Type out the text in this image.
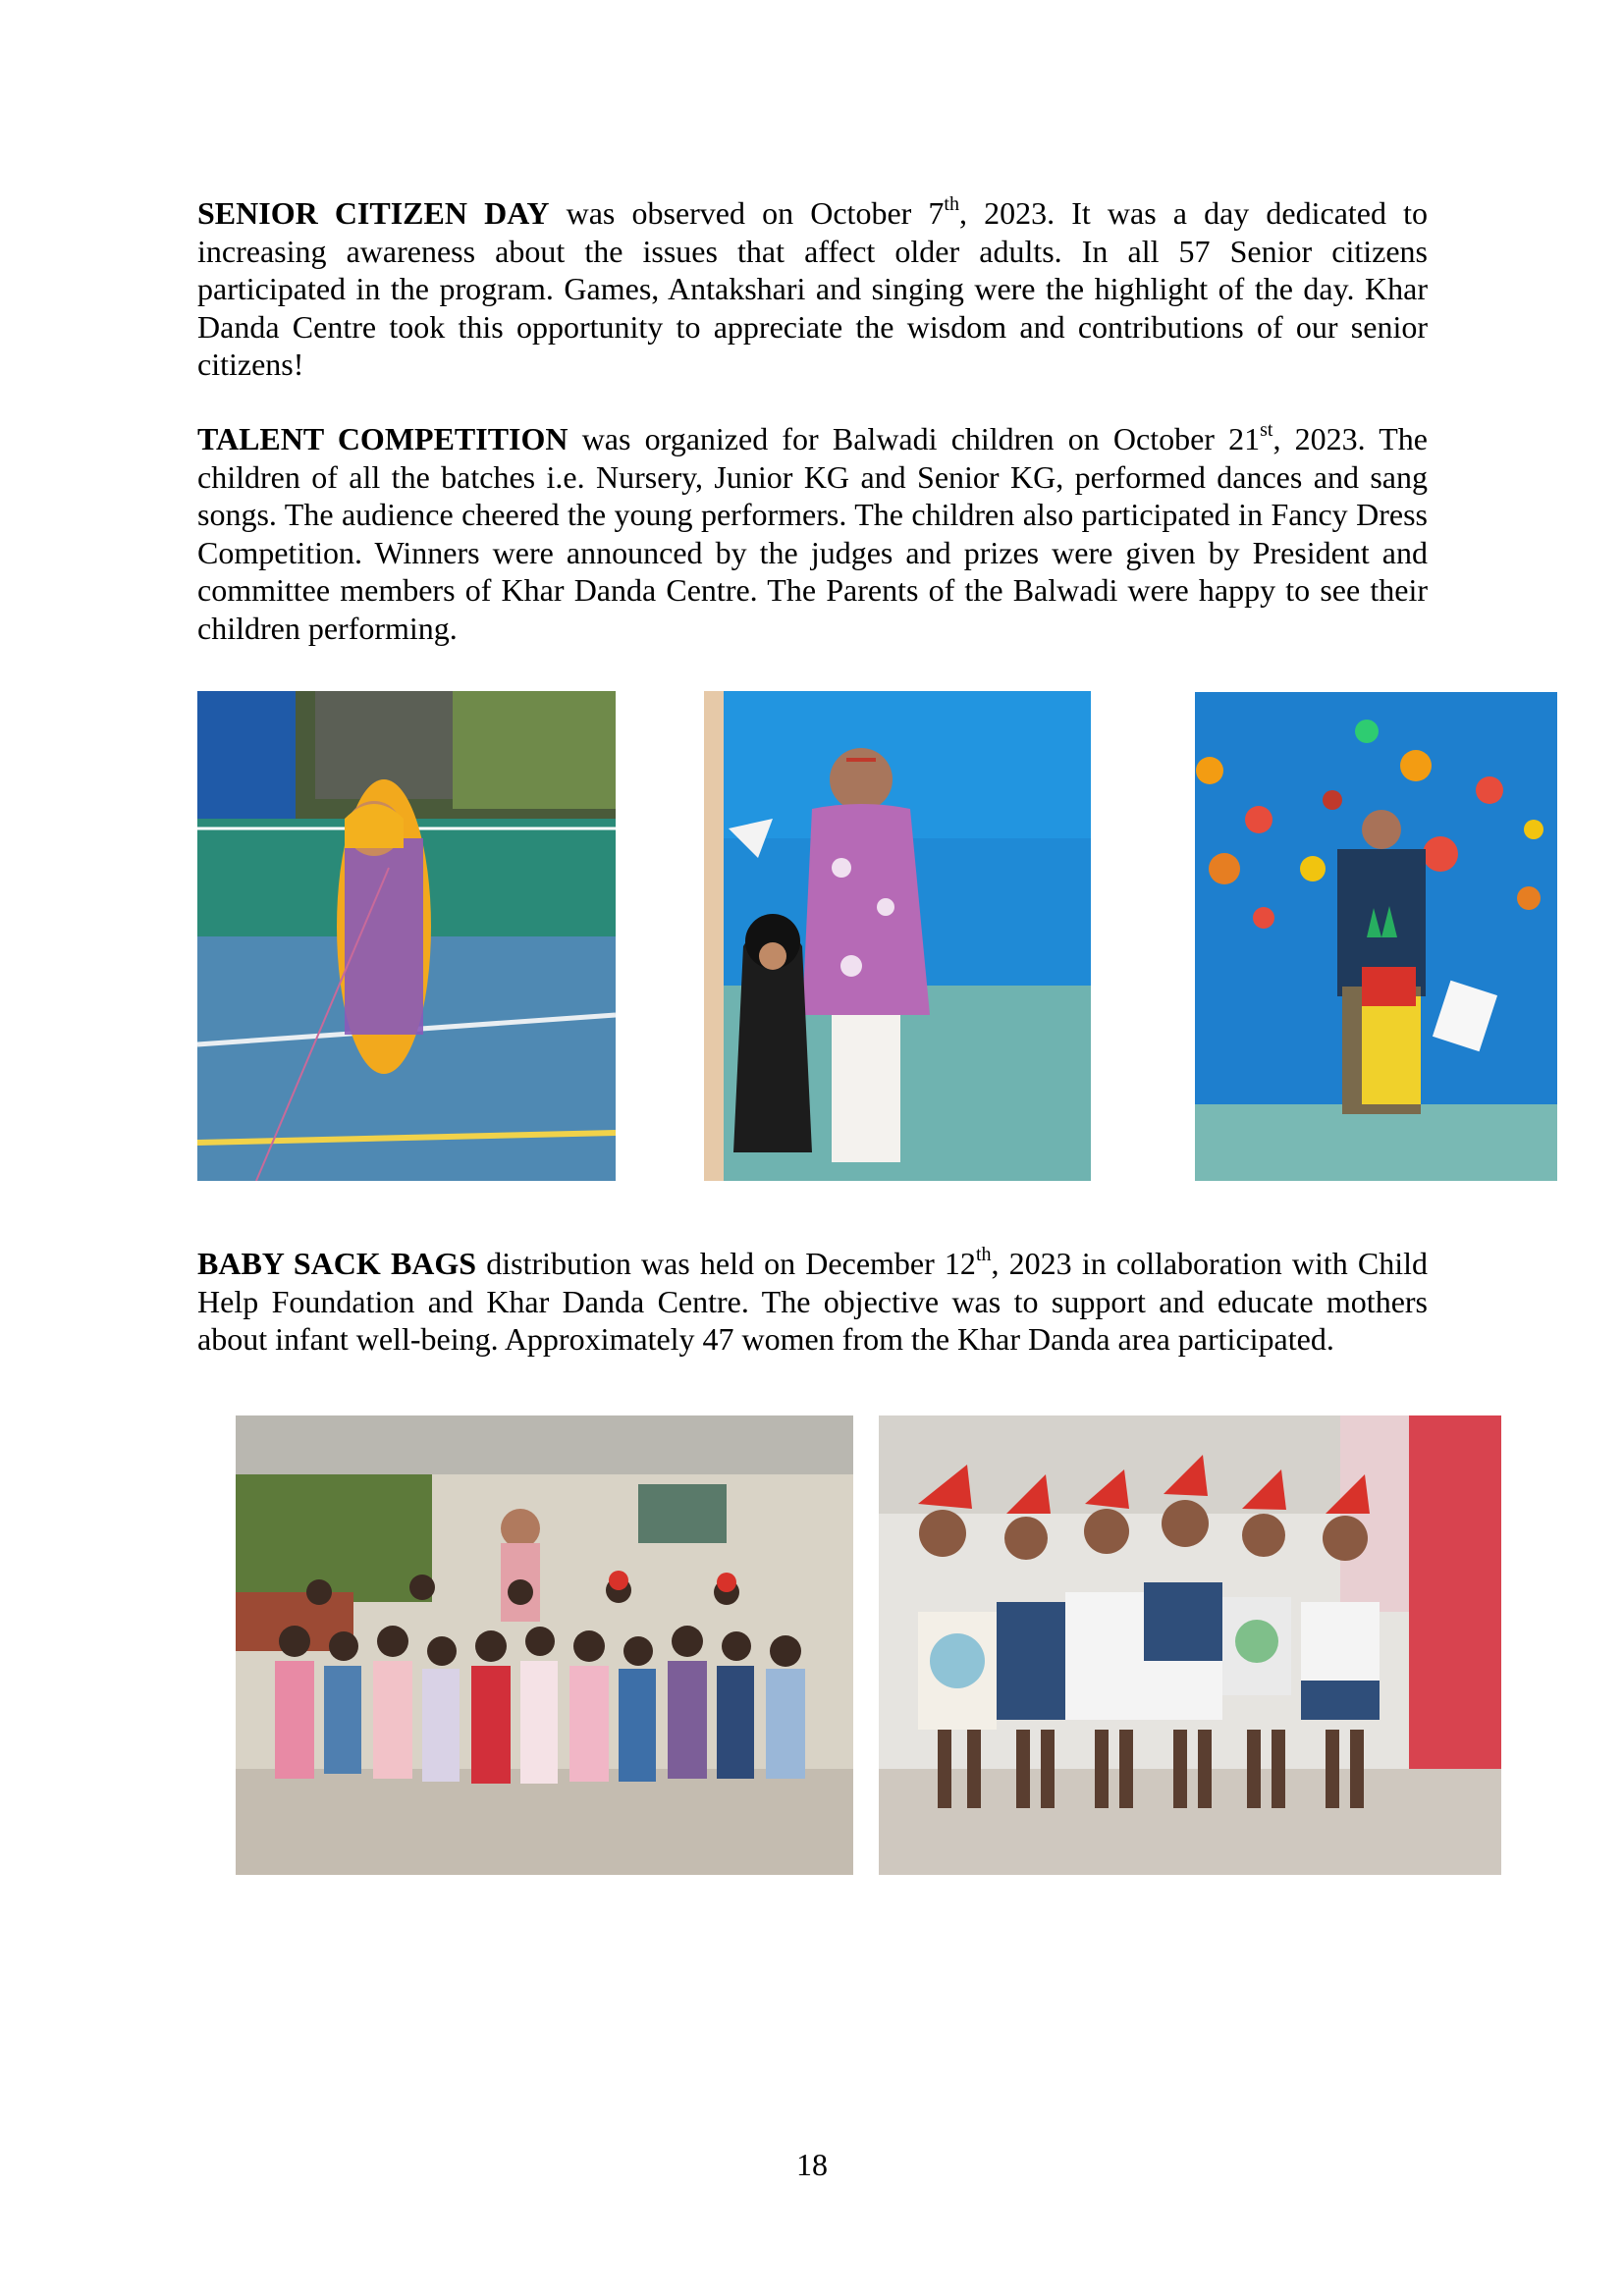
SENIOR CITIZEN DAY was observed on October 7th, 2023. It was a day dedicated to increasing awareness about the issues that affect older adults. In all 57 Senior citizens participated in the program. Games, Antakshari and singing were the highlight of the day. Khar Danda Centre took this opportunity to appreciate the wisdom and contributions of our senior citizens!

TALENT COMPETITION was organized for Balwadi children on October 21st, 2023. The children of all the batches i.e. Nursery, Junior KG and Senior KG, performed dances and sang songs. The audience cheered the young performers. The children also participated in Fancy Dress Competition. Winners were announced by the judges and prizes were given by President and committee members of Khar Danda Centre. The Parents of the Balwadi were happy to see their children performing.

BABY SACK BAGS distribution was held on December 12th, 2023 in collaboration with Child Help Foundation and Khar Danda Centre. The objective was to support and educate mothers about infant well-being. Approximately 47 women from the Khar Danda area participated.

18
